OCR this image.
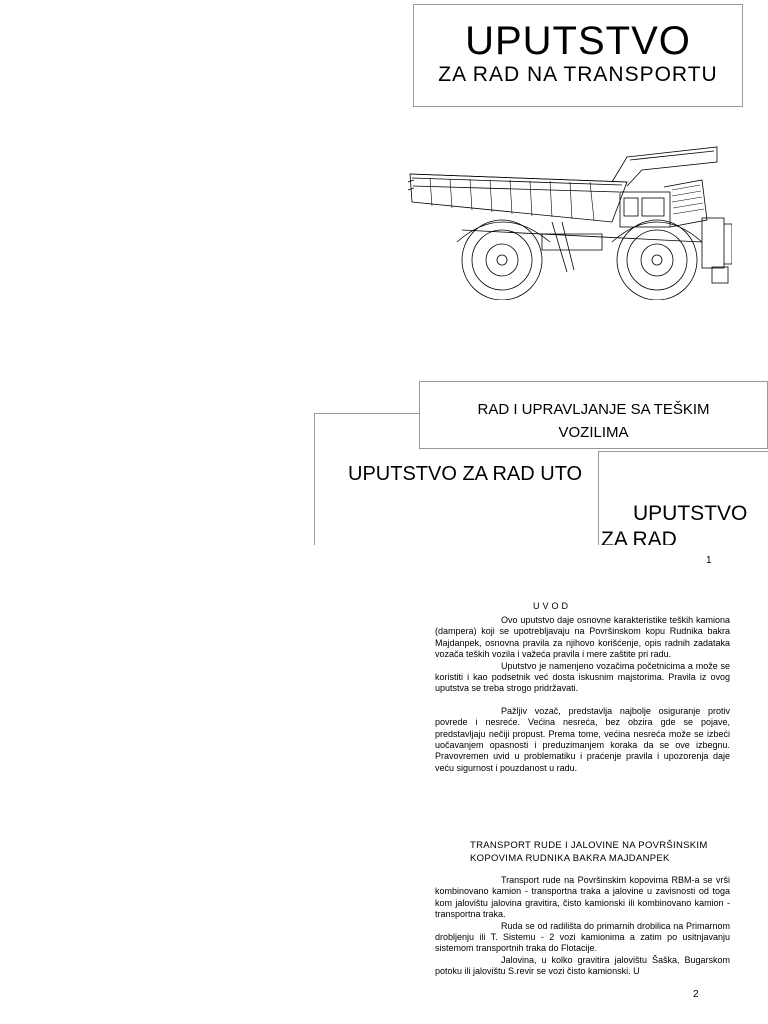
UPUTSTVO
ZA RAD NA TRANSPORTU
UPUTSTVO ZA RAD UTO
RAD I UPRAVLJANJE SA TEŠKIM
VOZILIMA
UPUTSTVO
ZA RAD
1
UVOD

Ovo uputstvo daje osnovne karakteristike teških kamiona (dampera) koji se upotrebljavaju na Površinskom kopu Rudnika bakra Majdanpek, osnovna pravila za njihovo korišćenje, opis radnih zadataka vozača teških vozila i važeća pravila i mere zaštite pri radu.

Uputstvo je namenjeno vozačima početnicima a može se koristiti i kao podsetnik već dosta iskusnim majstorima. Pravila iz ovog uputstva se treba strogo pridržavati.

Pažljiv vozač, predstavlja najbolje osiguranje protiv povrede i nesreće. Većina nesreća, bez obzira gde se pojave, predstavljaju nečiji propust. Prema tome, većina nesreća može se izbeći uočavanjem opasnosti i preduzimanjem koraka da se ove izbegnu. Pravovremen uvid u problematiku i praćenje pravila i upozorenja daje veću sigurnost i pouzdanost u radu.

TRANSPORT RUDE I JALOVINE NA POVRŠINSKIM
KOPOVIMA RUDNIKA BAKRA MAJDANPEK

Transport rude na Površinskim kopovima RBM-a se vrši kombinovano kamion - transportna traka a jalovine u zavisnosti od toga kom jalovištu jalovina gravitira, čisto kamionski ili kombinovano kamion - transportna traka.

Ruda se od radilišta do primarnih drobilica na Primarnom drobljenju ili T. Sistemu - 2 vozi kamionima a zatim po usitnjavanju sistemom transportnih traka do Flotacije.

Jalovina, u kolko gravitira jalovištu Šaška, Bugarskom potoku ili jalovištu S.revir se vozi čisto kamionski. U

2
